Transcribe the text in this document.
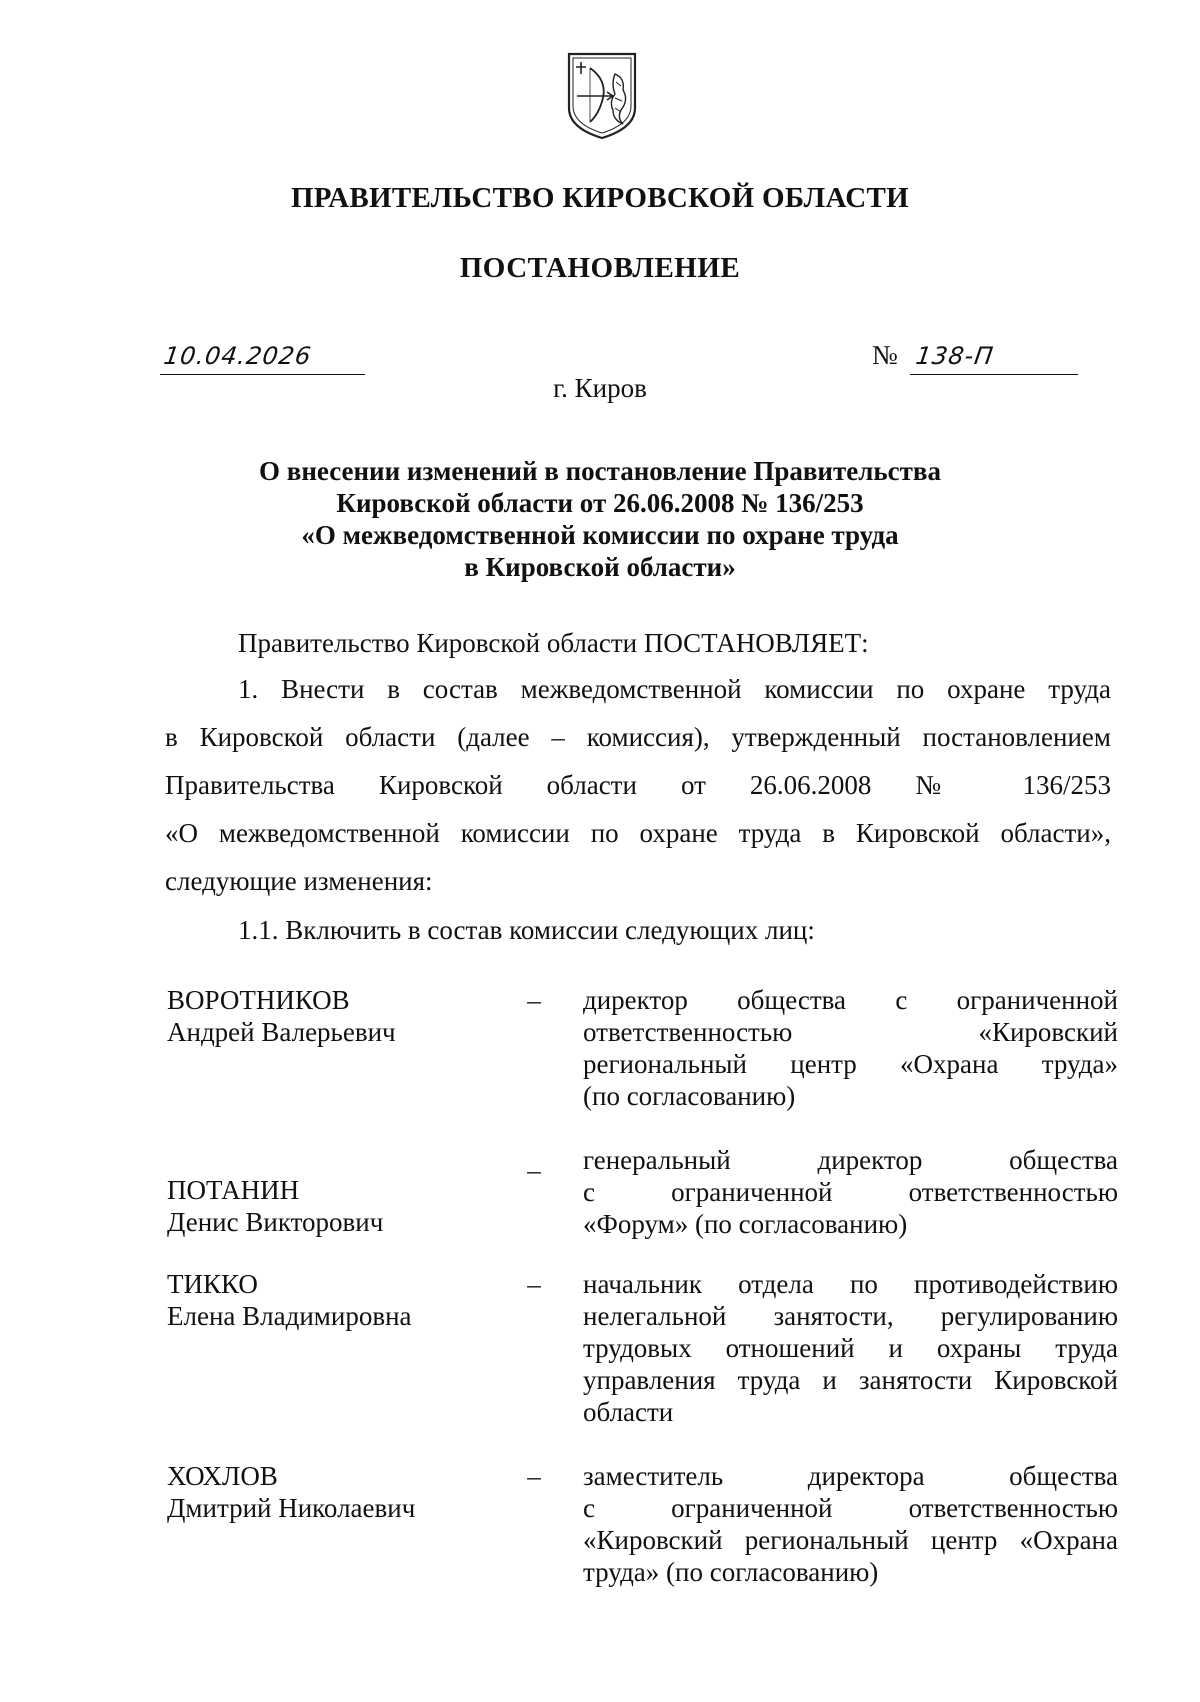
ПРАВИТЕЛЬСТВО КИРОВСКОЙ ОБЛАСТИ
ПОСТАНОВЛЕНИЕ
10.04.2026	№ 138-П
г. Киров
О внесении изменений в постановление Правительства
Кировской области от 26.06.2008 № 136/253
«О межведомственной комиссии по охране труда
в Кировской области»
Правительство Кировской области ПОСТАНОВЛЯЕТ:
1. Внести в состав межведомственной комиссии по охране труда
в Кировской области (далее – комиссия), утвержденный постановлением
Правительства Кировской области от 26.06.2008 № 136/253
«О межведомственной комиссии по охране труда в Кировской области»,
следующие изменения:
1.1. Включить в состав комиссии следующих лиц:
ВОРОТНИКОВ
Андрей Валерьевич
–	директор общества с ограниченной
ответственностью «Кировский
региональный центр «Охрана труда»
(по согласованию)
ПОТАНИН
Денис Викторович
–	генеральный директор общества
с ограниченной ответственностью
«Форум» (по согласованию)
ТИККО
Елена Владимировна
–	начальник отдела по противодействию
нелегальной занятости, регулированию
трудовых отношений и охраны труда
управления труда и занятости Кировской
области
ХОХЛОВ
Дмитрий Николаевич
–	заместитель директора общества
с ограниченной ответственностью
«Кировский региональный центр «Охрана
труда» (по согласованию)
